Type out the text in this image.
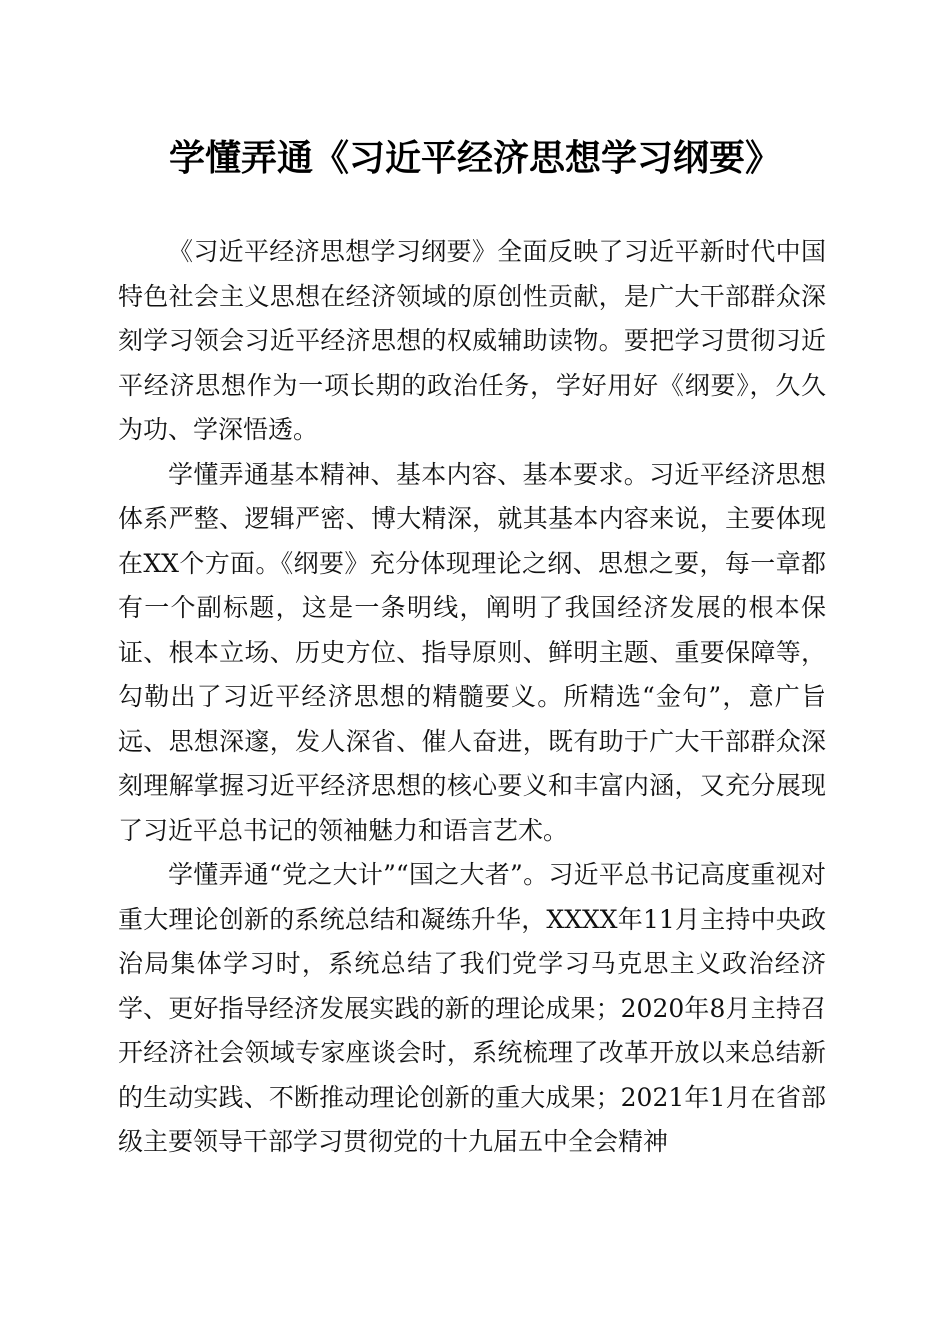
学懂弄通《习近平经济思想学习纲要》

《习近平经济思想学习纲要》全面反映了习近平新时代中国特色社会主义思想在经济领域的原创性贡献，是广大干部群众深刻学习领会习近平经济思想的权威辅助读物。要把学习贯彻习近平经济思想作为一项长期的政治任务，学好用好《纲要》，久久为功、学深悟透。

学懂弄通基本精神、基本内容、基本要求。习近平经济思想体系严整、逻辑严密、博大精深，就其基本内容来说，主要体现在XX个方面。《纲要》充分体现理论之纲、思想之要，每一章都有一个副标题，这是一条明线，阐明了我国经济发展的根本保证、根本立场、历史方位、指导原则、鲜明主题、重要保障等，勾勒出了习近平经济思想的精髓要义。所精选“金句”，意广旨远、思想深邃，发人深省、催人奋进，既有助于广大干部群众深刻理解掌握习近平经济思想的核心要义和丰富内涵，又充分展现了习近平总书记的领袖魅力和语言艺术。

学懂弄通“党之大计”“国之大者”。习近平总书记高度重视对重大理论创新的系统总结和凝练升华，XXXX年11月主持中央政治局集体学习时，系统总结了我们党学习马克思主义政治经济学、更好指导经济发展实践的新的理论成果；2020年8月主持召开经济社会领域专家座谈会时，系统梳理了改革开放以来总结新的生动实践、不断推动理论创新的重大成果；2021年1月在省部级主要领导干部学习贯彻党的十九届五中全会精神
